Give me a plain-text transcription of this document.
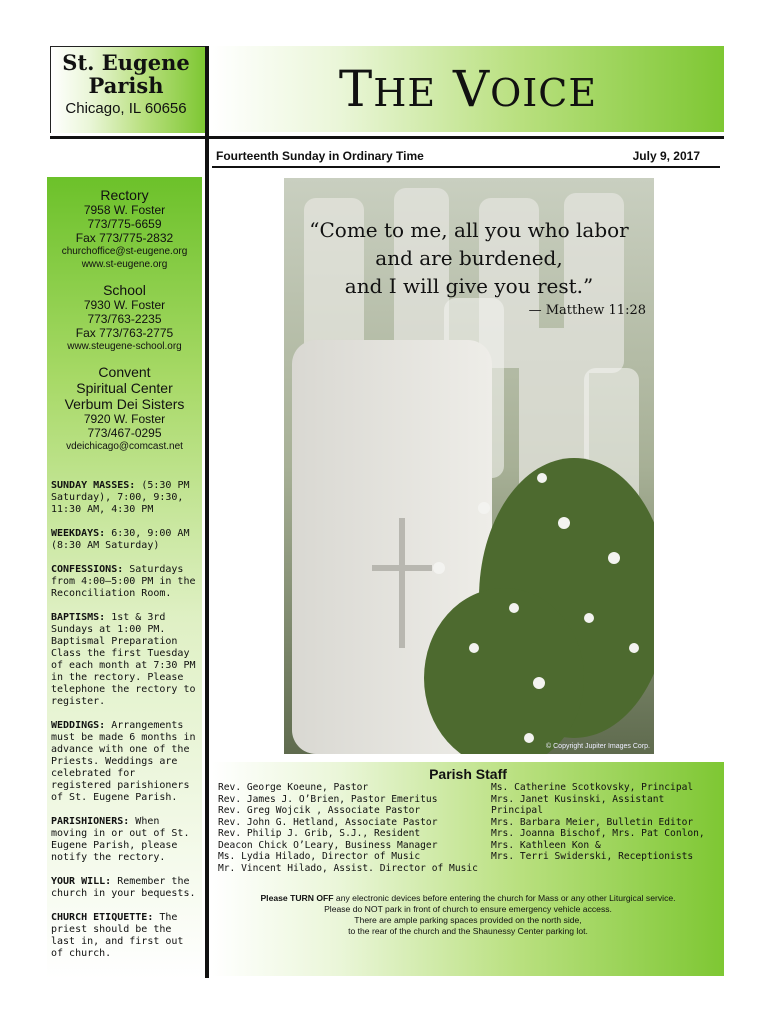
St. Eugene Parish
Chicago, IL 60656	THE VOICE
Fourteenth Sunday in Ordinary Time	July 9, 2017
Rectory
7958 W. Foster
773/775-6659
Fax 773/775-2832
churchoffice@st-eugene.org
www.st-eugene.org
School
7930 W. Foster
773/763-2235
Fax 773/763-2775
www.steugene-school.org
Convent
Spiritual Center
Verbum Dei Sisters
7920 W. Foster
773/467-0295
vdeichicago@comcast.net

SUNDAY MASSES: (5:30 PM Saturday), 7:00, 9:30, 11:30 AM, 4:30 PM

WEEKDAYS: 6:30, 9:00 AM (8:30 AM Saturday)

CONFESSIONS: Saturdays from 4:00—5:00 PM in the Reconciliation Room.

BAPTISMS: 1st & 3rd Sundays at 1:00 PM. Baptismal Preparation Class the first Tuesday of each month at 7:30 PM in the rectory. Please telephone the rectory to register.

WEDDINGS: Arrangements must be made 6 months in advance with one of the Priests. Weddings are celebrated for registered parishioners of St. Eugene Parish.

PARISHIONERS: When moving in or out of St. Eugene Parish, please notify the rectory.

YOUR WILL: Remember the church in your bequests.

CHURCH ETIQUETTE: The priest should be the last in, and first out of church.

“Come to me, all you who labor
and are burdened,
and I will give you rest.”
— Matthew 11:28
© Copyright Jupiter Images Corp.
Parish Staff
Rev. George Koeune, Pastor
Rev. James J. O’Brien, Pastor Emeritus
Rev. Greg Wojcik , Associate Pastor
Rev. John G. Hetland, Associate Pastor
Rev. Philip J. Grib, S.J., Resident
Deacon Chick O’Leary, Business Manager
Ms. Lydia Hilado, Director of Music
Mr. Vincent Hilado, Assist. Director of Music
Ms. Catherine Scotkovsky, Principal
Mrs. Janet Kusinski, Assistant Principal
Mrs. Barbara Meier, Bulletin Editor
Mrs. Joanna Bischof, Mrs. Pat Conlon,
Mrs. Kathleen Kon &
Mrs. Terri Swiderski, Receptionists
Please TURN OFF any electronic devices before entering the church for Mass or any other Liturgical service.
Please do NOT park in front of church to ensure emergency vehicle access.
There are ample parking spaces provided on the north side,
to the rear of the church and the Shaunessy Center parking lot.
